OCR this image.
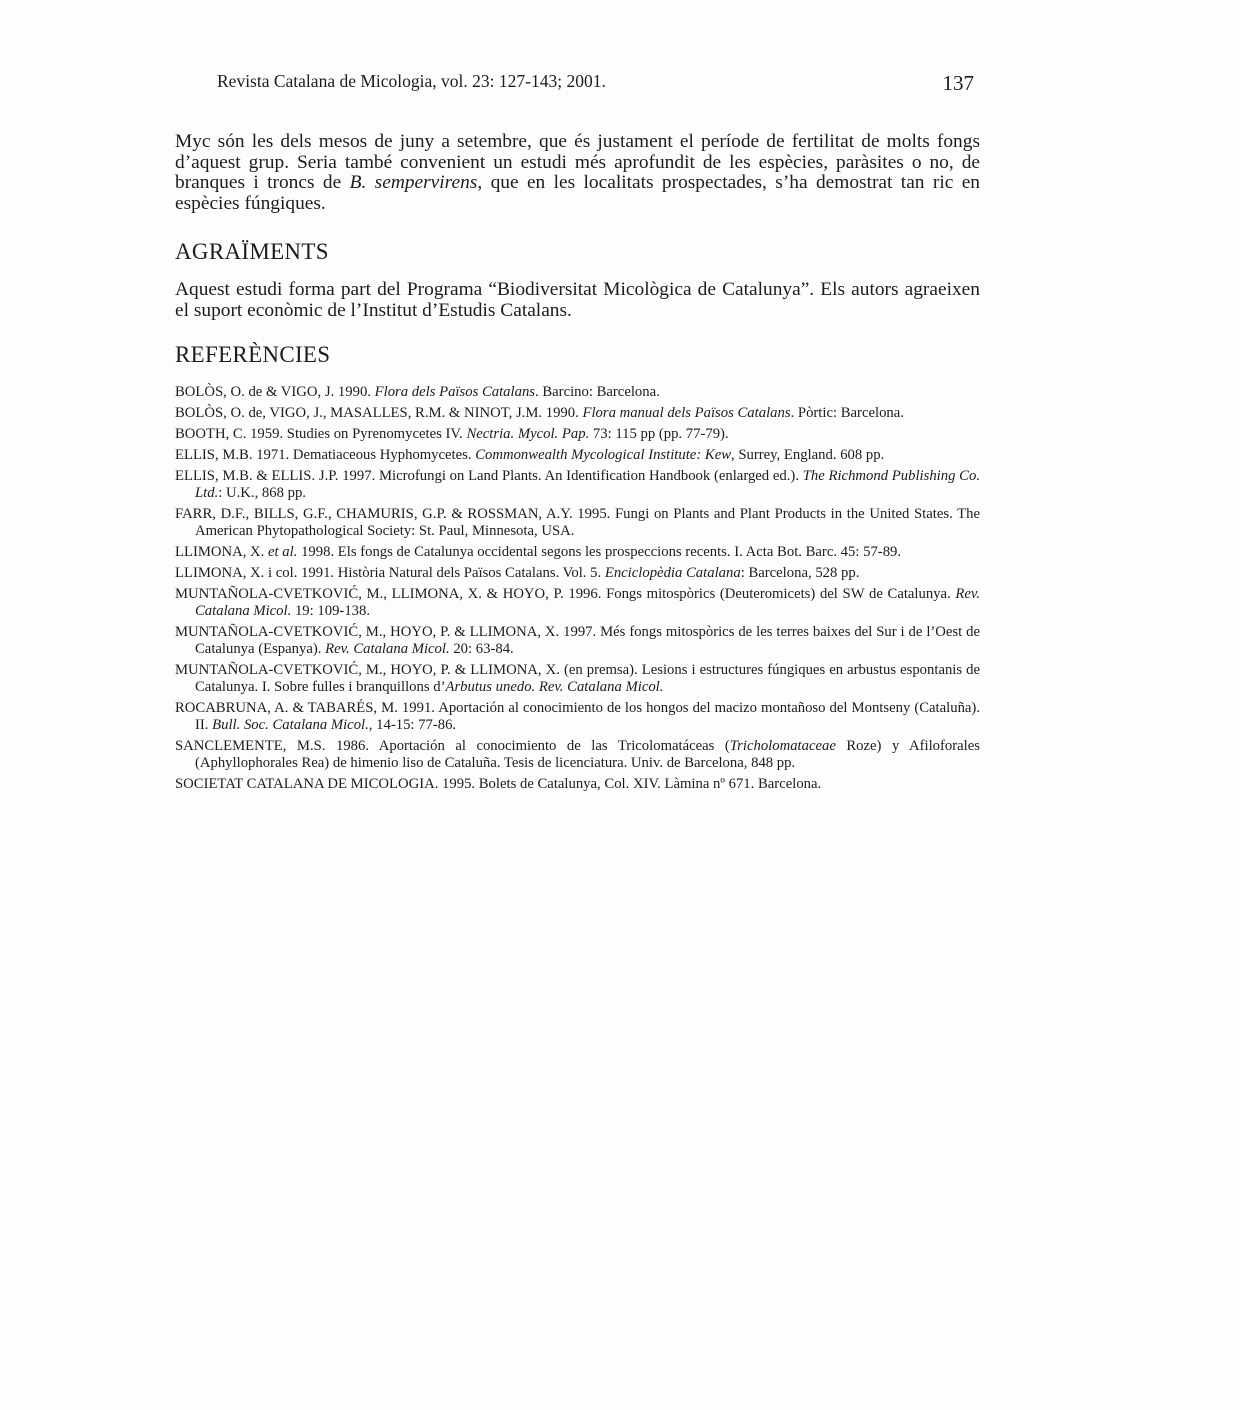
Revista Catalana de Micologia, vol. 23: 127-143; 2001.	137

Myc són les dels mesos de juny a setembre, que és justament el període de fertilitat de molts fongs d’aquest grup. Seria també convenient un estudi més aprofundit de les espècies, paràsites o no, de branques i troncs de B. sempervirens, que en les localitats prospectades, s’ha demostrat tan ric en espècies fúngiques.

AGRAÏMENTS

Aquest estudi forma part del Programa “Biodiversitat Micològica de Catalunya”. Els autors agraeixen el suport econòmic de l’Institut d’Estudis Catalans.

REFERÈNCIES
BOLÒS, O. de & VIGO, J. 1990. Flora dels Països Catalans. Barcino: Barcelona.
BOLÒS, O. de, VIGO, J., MASALLES, R.M. & NINOT, J.M. 1990. Flora manual dels Països Catalans. Pòrtic: Barcelona.
BOOTH, C. 1959. Studies on Pyrenomycetes IV. Nectria. Mycol. Pap. 73: 115 pp (pp. 77-79).
ELLIS, M.B. 1971. Dematiaceous Hyphomycetes. Commonwealth Mycological Institute: Kew, Surrey, England. 608 pp.
ELLIS, M.B. & ELLIS. J.P. 1997. Microfungi on Land Plants. An Identification Handbook (enlarged ed.). The Richmond Publishing Co. Ltd.: U.K., 868 pp.
FARR, D.F., BILLS, G.F., CHAMURIS, G.P. & ROSSMAN, A.Y. 1995. Fungi on Plants and Plant Products in the United States. The American Phytopathological Society: St. Paul, Minnesota, USA.
LLIMONA, X. et al. 1998. Els fongs de Catalunya occidental segons les prospeccions recents. I. Acta Bot. Barc. 45: 57-89.
LLIMONA, X. i col. 1991. Història Natural dels Països Catalans. Vol. 5. Enciclopèdia Catalana: Barcelona, 528 pp.
MUNTAÑOLA-CVETKOVIĆ, M., LLIMONA, X. & HOYO, P. 1996. Fongs mitospòrics (Deuteromicets) del SW de Catalunya. Rev. Catalana Micol. 19: 109-138.
MUNTAÑOLA-CVETKOVIĆ, M., HOYO, P. & LLIMONA, X. 1997. Més fongs mitospòrics de les terres baixes del Sur i de l’Oest de Catalunya (Espanya). Rev. Catalana Micol. 20: 63-84.
MUNTAÑOLA-CVETKOVIĆ, M., HOYO, P. & LLIMONA, X. (en premsa). Lesions i estructures fúngiques en arbustus espontanis de Catalunya. I. Sobre fulles i branquillons d’Arbutus unedo. Rev. Catalana Micol.
ROCABRUNA, A. & TABARÉS, M. 1991. Aportación al conocimiento de los hongos del macizo montañoso del Montseny (Cataluña). II. Bull. Soc. Catalana Micol., 14-15: 77-86.
SANCLEMENTE, M.S. 1986. Aportación al conocimiento de las Tricolomatáceas (Tricholomataceae Roze) y Afiloforales (Aphyllophorales Rea) de himenio liso de Cataluña. Tesis de licenciatura. Univ. de Barcelona, 848 pp.
SOCIETAT CATALANA DE MICOLOGIA. 1995. Bolets de Catalunya, Col. XIV. Làmina nº 671. Barcelona.
